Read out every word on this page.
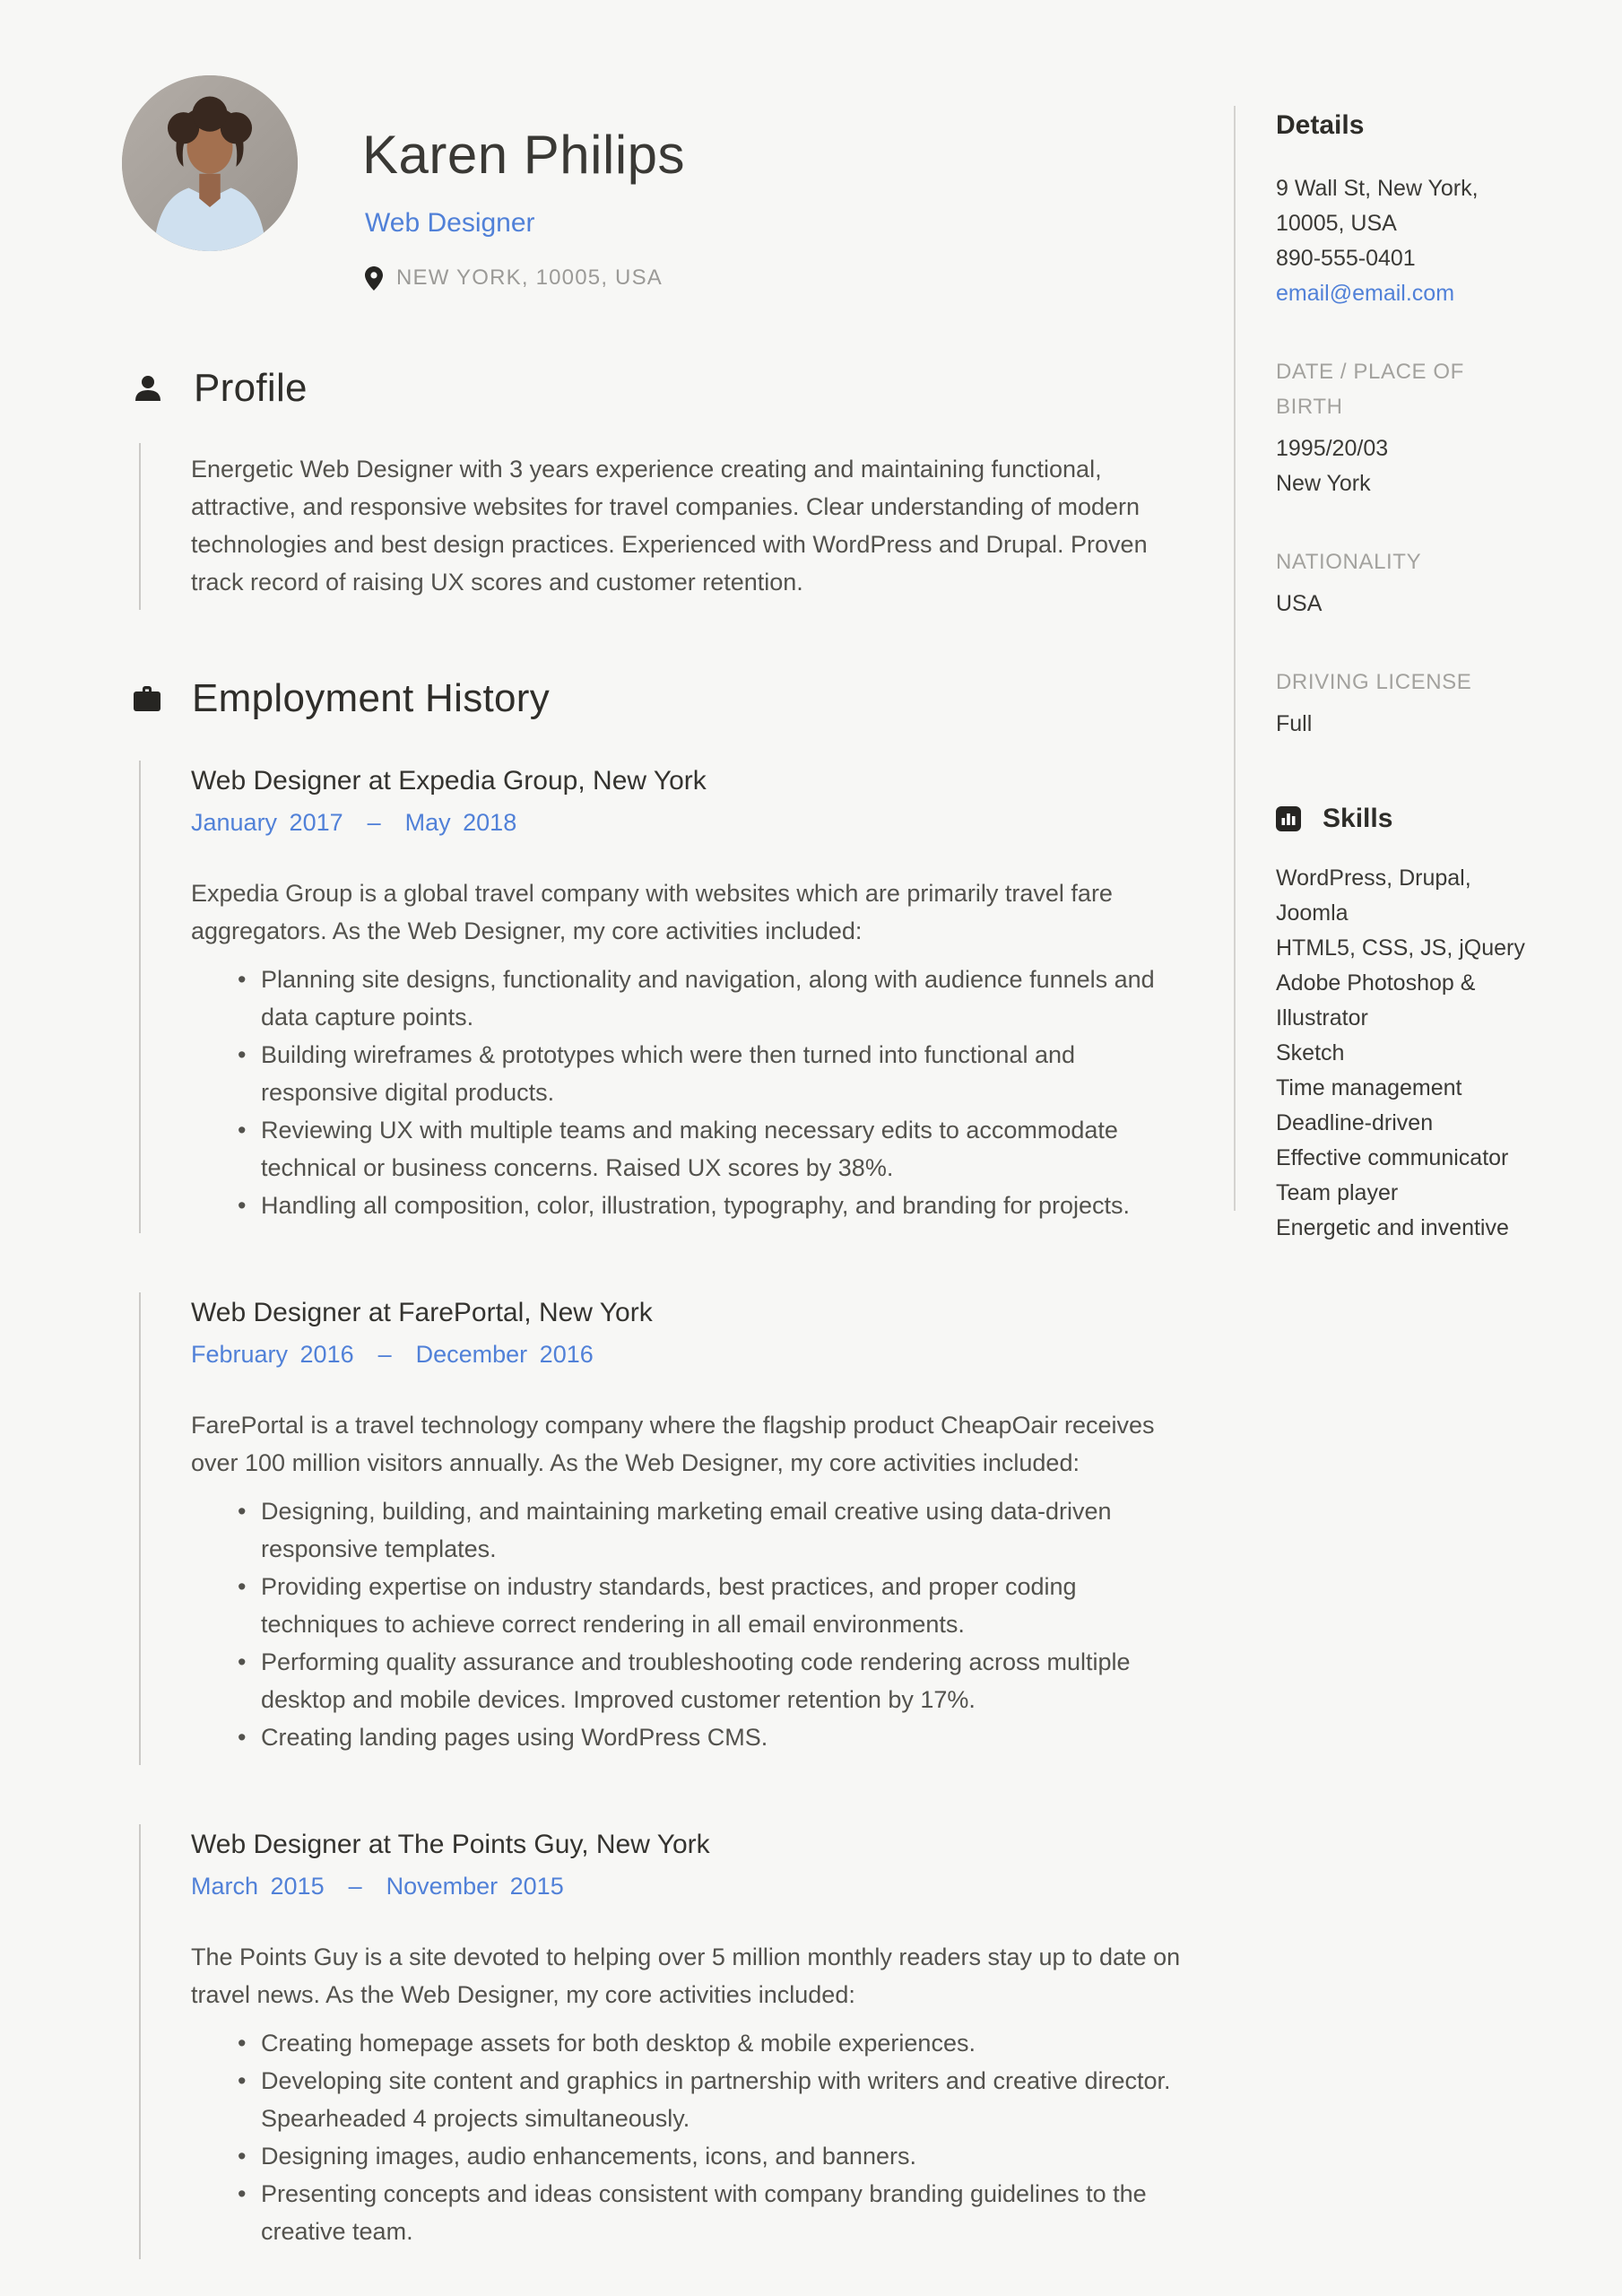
Karen Philips
Web Designer
NEW YORK, 10005, USA
Profile
Energetic Web Designer with 3 years experience creating and maintaining functional, attractive, and responsive websites for travel companies. Clear understanding of modern technologies and best design practices. Experienced with WordPress and Drupal. Proven track record of raising UX scores and customer retention.
Employment History
Web Designer at Expedia Group, New York
January 2017  –  May 2018
Expedia Group is a global travel company with websites which are primarily travel fare aggregators. As the Web Designer, my core activities included:
• Planning site designs, functionality and navigation, along with audience funnels and data capture points.
• Building wireframes & prototypes which were then turned into functional and responsive digital products.
• Reviewing UX with multiple teams and making necessary edits to accommodate technical or business concerns. Raised UX scores by 38%.
• Handling all composition, color, illustration, typography, and branding for projects.
Web Designer at FarePortal, New York
February 2016  –  December 2016
FarePortal is a travel technology company where the flagship product CheapOair receives over 100 million visitors annually. As the Web Designer, my core activities included:
• Designing, building, and maintaining marketing email creative using data-driven responsive templates.
• Providing expertise on industry standards, best practices, and proper coding techniques to achieve correct rendering in all email environments.
• Performing quality assurance and troubleshooting code rendering across multiple desktop and mobile devices. Improved customer retention by 17%.
• Creating landing pages using WordPress CMS.
Web Designer at The Points Guy, New York
March 2015  –  November 2015
The Points Guy is a site devoted to helping over 5 million monthly readers stay up to date on travel news. As the Web Designer, my core activities included:
• Creating homepage assets for both desktop & mobile experiences.
• Developing site content and graphics in partnership with writers and creative director. Spearheaded 4 projects simultaneously.
• Designing images, audio enhancements, icons, and banners.
• Presenting concepts and ideas consistent with company branding guidelines to the creative team.
Details
9 Wall St, New York,
10005, USA
890-555-0401
email@email.com
DATE / PLACE OF BIRTH
1995/20/03
New York
NATIONALITY
USA
DRIVING LICENSE
Full
Skills
WordPress, Drupal, Joomla
HTML5, CSS, JS, jQuery
Adobe Photoshop & Illustrator
Sketch
Time management
Deadline-driven
Effective communicator
Team player
Energetic and inventive
